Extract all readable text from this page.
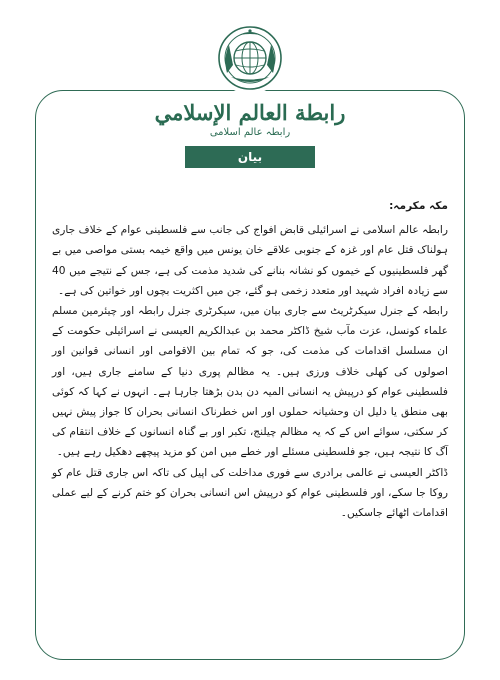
رابطة العالم الإسلامي
رابطہ عالم اسلامی
بیان

مکہ مکرمہ:

رابطہ عالم اسلامی نے اسرائیلی قابض افواج کی جانب سے فلسطینی عوام کے خلاف جاری ہولناک قتل عام اور غزہ کے جنوبی علاقے خان یونس میں واقع خیمہ بستی مواصی میں بے گھر فلسطینیوں کے خیموں کو نشانہ بنانے کی شدید مذمت کی ہے، جس کے نتیجے میں 40 سے زیادہ افراد شہید اور متعدد زخمی ہو گئے، جن میں اکثریت بچوں اور خواتین کی ہے۔

رابطہ کے جنرل سیکرٹریٹ سے جاری بیان میں، سیکرٹری جنرل رابطہ اور چیئرمین مسلم علماء کونسل، عزت مآب شیخ ڈاکٹر محمد بن عبدالکریم العیسی نے اسرائیلی حکومت کے ان مسلسل اقدامات کی مذمت کی، جو کہ تمام بین الاقوامی اور انسانی قوانین اور اصولوں کی کھلی خلاف ورزی ہیں۔ یہ مظالم پوری دنیا کے سامنے جاری ہیں، اور فلسطینی عوام کو درپیش یہ انسانی المیہ دن بدن بڑھتا جارہا ہے۔ انہوں نے کہا کہ کوئی بھی منطق یا دلیل ان وحشیانہ حملوں اور اس خطرناک انسانی بحران کا جواز پیش نہیں کر سکتی، سوائے اس کے کہ یہ مظالم چیلنج، تکبر اور بے گناہ انسانوں کے خلاف انتقام کی آگ کا نتیجہ ہیں، جو فلسطینی مسئلے اور خطے میں امن کو مزید پیچھے دھکیل رہے ہیں۔

ڈاکٹر العیسی نے عالمی برادری سے فوری مداخلت کی اپیل کی تاکہ اس جاری قتل عام کو روکا جا سکے، اور فلسطینی عوام کو درپیش اس انسانی بحران کو ختم کرنے کے لیے عملی اقدامات اٹھائے جاسکیں۔
